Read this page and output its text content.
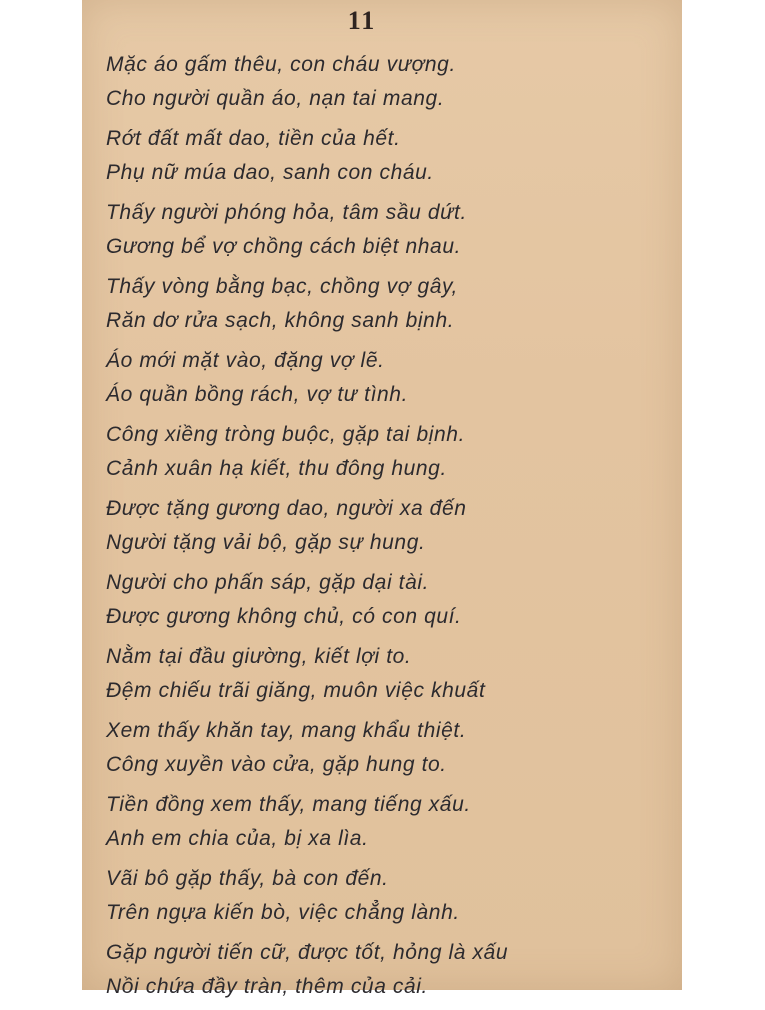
11
Mặc áo gấm thêu, con cháu vượng.
Cho người quần áo, nạn tai mang.
Rớt đất mất dao, tiền của hết.
Phụ nữ múa dao, sanh con cháu.
Thấy người phóng hỏa, tâm sầu dứt.
Gương bể vợ chồng cách biệt nhau.
Thấy vòng bằng bạc, chồng vợ gây,
Răn dơ rửa sạch, không sanh bịnh.
Áo mới mặt vào, đặng vợ lẽ.
Áo quần bồng rách, vợ tư tình.
Công xiềng tròng buộc, gặp tai bịnh.
Cảnh xuân hạ kiết, thu đông hung.
Được tặng gương dao, người xa đến
Người tặng vải bộ, gặp sự hung.
Người cho phấn sáp, gặp dại tài.
Được gương không chủ, có con quí.
Nằm tại đầu giường, kiết lợi to.
Đệm chiếu trãi giăng, muôn việc khuất
Xem thấy khăn tay, mang khẩu thiệt.
Công xuyền vào cửa, gặp hung to.
Tiền đồng xem thấy, mang tiếng xấu.
Anh em chia của, bị xa lìa.
Vãi bô gặp thấy, bà con đến.
Trên ngựa kiến bò, việc chẳng lành.
Gặp người tiến cữ, được tốt, hỏng là xấu
Nồi chứa đầy tràn, thêm của cải.
